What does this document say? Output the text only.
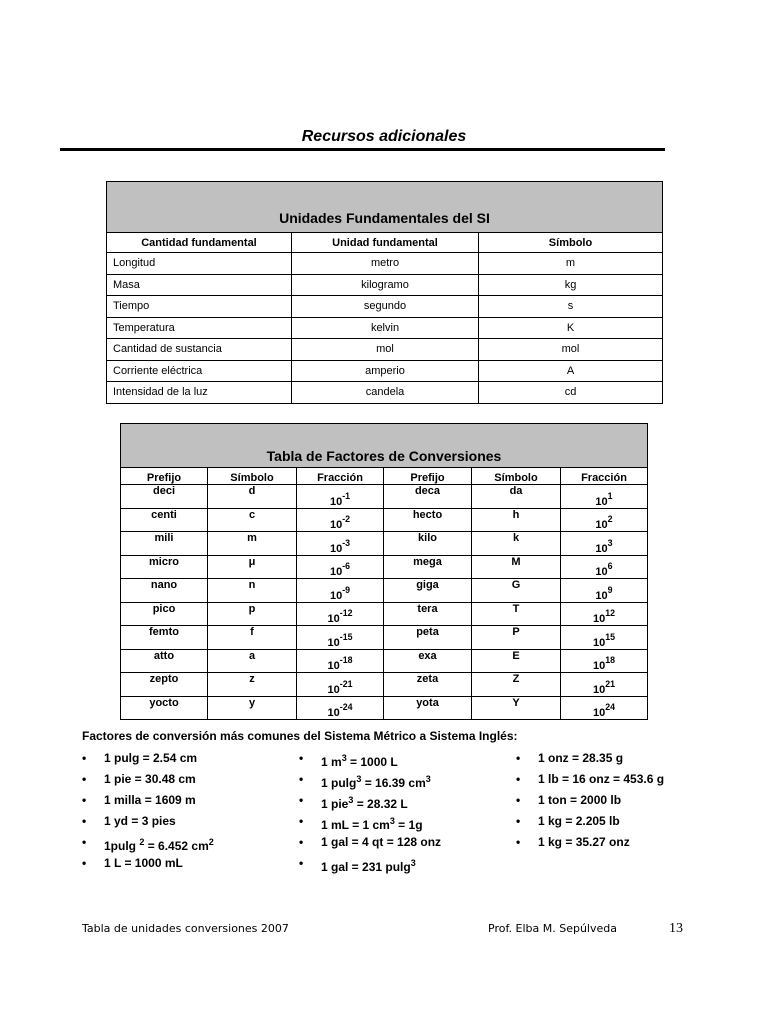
Recursos adicionales
Unidades Fundamentales del SI		
Cantidad fundamental	Unidad fundamental	Símbolo
Longitud	metro	m
Masa	kilogramo	kg
Tiempo	segundo	s
Temperatura	kelvin	K
Cantidad de sustancia	mol	mol
Corriente eléctrica	amperio	A
Intensidad de la luz	candela	cd
Tabla de Factores de Conversiones					
Prefijo	Símbolo	Fracción	Prefijo	Símbolo	Fracción
deci	d	$10^{-1}$	deca	da	$10^1$
centi	c	$10^{-2}$	hecto	h	$10^2$
mili	m	$10^{-3}$	kilo	k	$10^3$
micro	μ	$10^{-6}$	mega	M	$10^6$
nano	n	$10^{-9}$	giga	G	$10^9$
pico	p	$10^{-12}$	tera	T	$10^{12}$
femto	f	$10^{-15}$	peta	P	$10^{15}$
atto	a	$10^{-18}$	exa	E	$10^{18}$
zepto	z	$10^{-21}$	zeta	Z	$10^{21}$
yocto	y	$10^{-24}$	yota	Y	$10^{24}$
Factores de conversión más comunes del Sistema Métrico a Sistema Inglés:
• 1 pulg = 2.54 cm
• 1 pie = 30.48 cm
• 1 milla = 1609 m
• 1 yd = 3 pies
• 1pulg $^2$ = 6.452 $cm^2$
• 1 L = 1000 mL
• 1 $m^3 = 1000$ L
• 1 pulg$^3$ = 16.39 $cm^3$
• 1 pie$^3$ = 28.32 L
• 1 mL = 1 $cm^3 = 1g$
• 1 gal = 4 qt = 128 onz
• 1 gal = 231 pulg$^3$
• 1 onz = 28.35 g
• 1 lb = 16 onz = 453.6 g
• 1 ton = 2000 lb
• 1 kg = 2.205 lb
• 1 kg = 35.27 onz
Tabla de unidades conversiones 2007	Prof. Elba M. Sepúlveda	13
